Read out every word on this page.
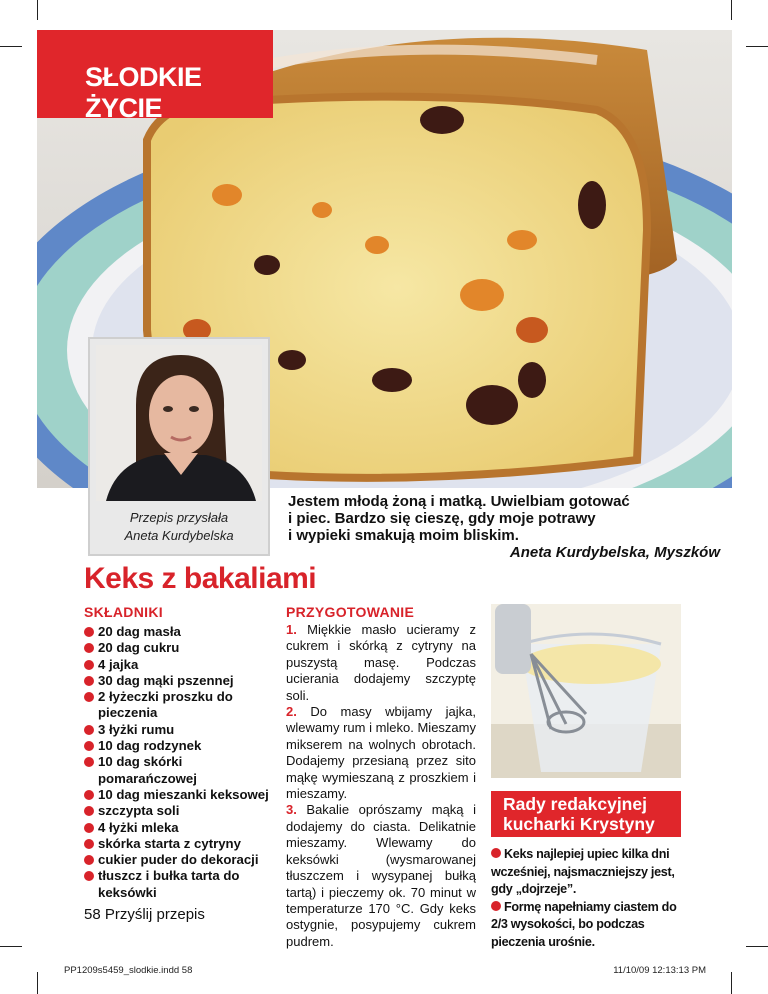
SŁODKIE ŻYCIE
Przepis przysłała
Aneta Kurdybelska
Jestem młodą żoną i matką. Uwielbiam gotować
i piec. Bardzo się cieszę, gdy moje potrawy
i wypieki smakują moim bliskim.
Aneta Kurdybelska, Myszków
Keks z bakaliami
SKŁADNIKI
20 dag masła
20 dag cukru
4 jajka
30 dag mąki pszennej
2 łyżeczki proszku do pieczenia
3 łyżki rumu
10 dag rodzynek
10 dag skórki pomarańczowej
10 dag mieszanki keksowej
szczypta soli
4 łyżki mleka
skórka starta z cytryny
cukier puder do dekoracji
tłuszcz i bułka tarta do keksówki
PRZYGOTOWANIE
1. Miękkie masło ucieramy z cukrem i skórką z cytryny na puszystą masę. Podczas ucierania dodajemy szczyptę soli.
2. Do masy wbijamy jajka, wlewamy rum i mleko. Mieszamy mikserem na wolnych obrotach. Dodajemy przesianą przez sito mąkę wymieszaną z proszkiem i mieszamy.
3. Bakalie oprószamy mąką i dodajemy do ciasta. Delikatnie mieszamy. Wlewamy do keksówki (wysmarowanej tłuszczem i wysypanej bułką tartą) i pieczemy ok. 70 minut w temperaturze 170 °C. Gdy keks ostygnie, posypujemy cukrem pudrem.
Rady redakcyjnej
kucharki Krystyny

Keks najlepiej upiec kilka dni wcześniej, najsmaczniejszy jest, gdy „dojrzeje”.

Formę napełniamy ciastem do 2/3 wysokości, bo podczas pieczenia urośnie.

58 Przyślij przepis
PP1209s5459_slodkie.indd 58	11/10/09 12:13:13 PM
